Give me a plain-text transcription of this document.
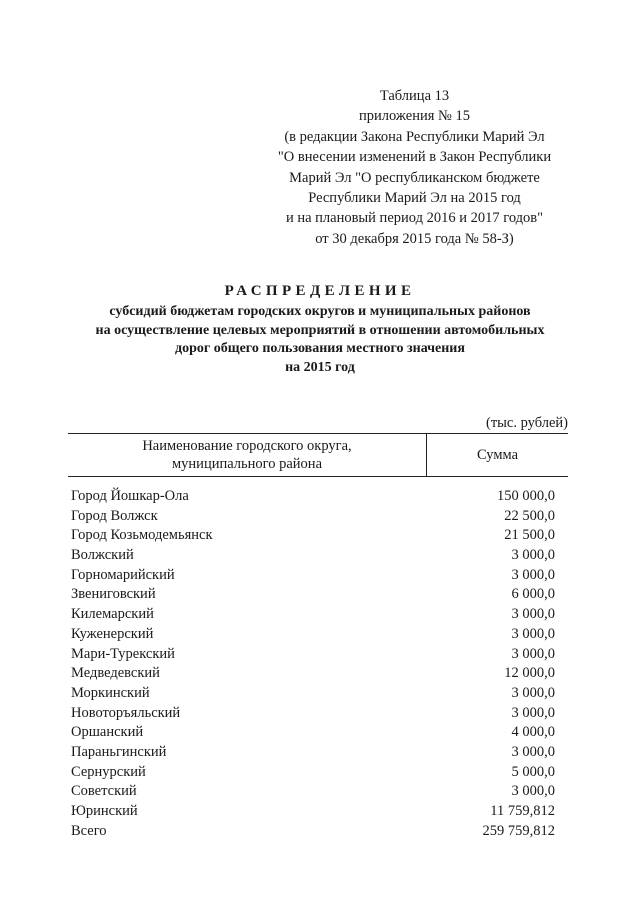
Таблица 13
приложения № 15
(в редакции Закона Республики Марий Эл
"О внесении изменений в Закон Республики
Марий Эл "О республиканском бюджете
Республики Марий Эл на 2015 год
и на плановый период 2016 и 2017 годов"
от 30 декабря 2015 года № 58-З)
РАСПРЕДЕЛЕНИЕ
субсидий бюджетам городских округов и муниципальных районов
на осуществление целевых мероприятий в отношении автомобильных
дорог общего пользования местного значения
на 2015 год
(тыс. рублей)
Наименование городского округа,
муниципального района
	Сумма
Город Йошкар-Ола	150 000,0
Город Волжск	22 500,0
Город Козьмодемьянск	21 500,0
Волжский	3 000,0
Горномарийский	3 000,0
Звениговский	6 000,0
Килемарский	3 000,0
Куженерский	3 000,0
Мари-Турекский	3 000,0
Медведевский	12 000,0
Моркинский	3 000,0
Новоторъяльский	3 000,0
Оршанский	4 000,0
Параньгинский	3 000,0
Сернурский	5 000,0
Советский	3 000,0
Юринский	11 759,812
Всего	259 759,812
